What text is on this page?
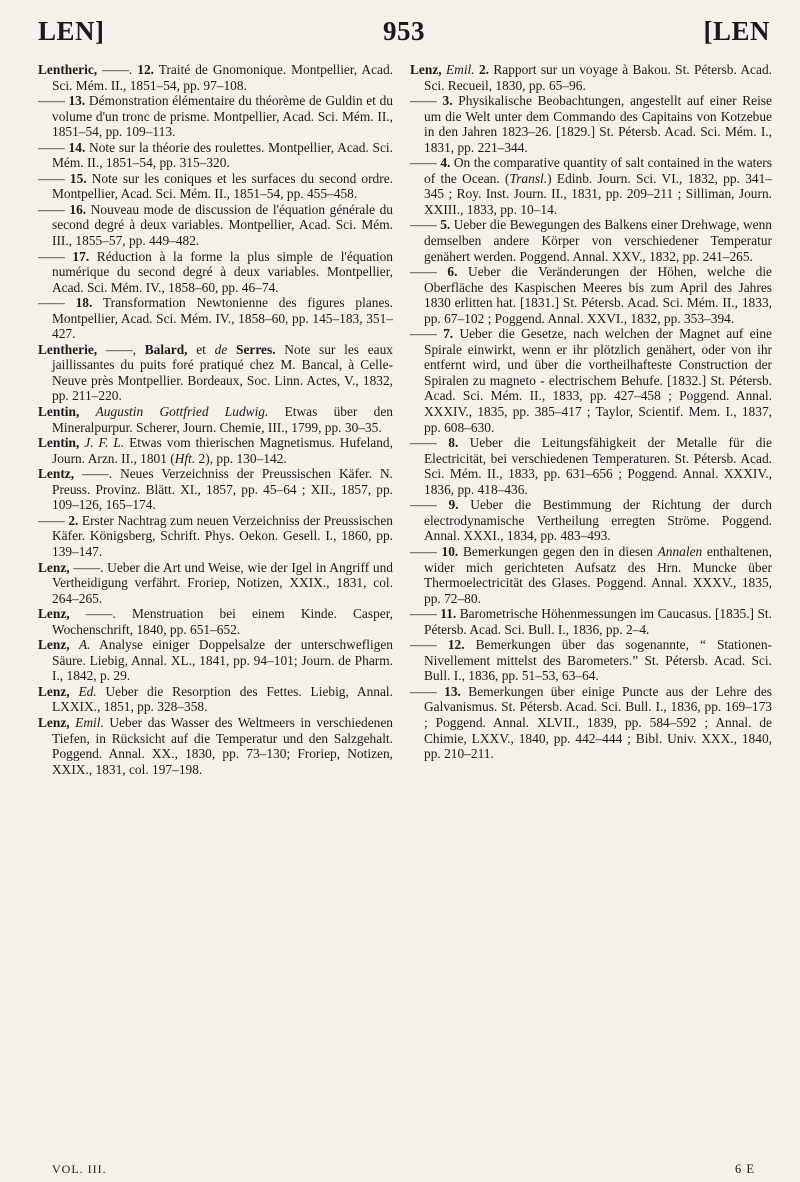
LEN]	953	[LEN

Lentheric, ——. 12. Traité de Gnomonique. Montpellier, Acad. Sci. Mém. II., 1851–54, pp. 97–108.

—— 13. Démonstration élémentaire du théorème de Guldin et du volume d'un tronc de prisme. Montpellier, Acad. Sci. Mém. II., 1851–54, pp. 109–113.

—— 14. Note sur la théorie des roulettes. Montpellier, Acad. Sci. Mém. II., 1851–54, pp. 315–320.

—— 15. Note sur les coniques et les surfaces du second ordre. Montpellier, Acad. Sci. Mém. II., 1851–54, pp. 455–458.

—— 16. Nouveau mode de discussion de l'équation générale du second degré à deux variables. Montpellier, Acad. Sci. Mém. III., 1855–57, pp. 449–482.

—— 17. Réduction à la forme la plus simple de l'équation numérique du second degré à deux variables. Montpellier, Acad. Sci. Mém. IV., 1858–60, pp. 46–74.

—— 18. Transformation Newtonienne des figures planes. Montpellier, Acad. Sci. Mém. IV., 1858–60, pp. 145–183, 351–427.

Lentherie, ——, Balard, et de Serres. Note sur les eaux jaillissantes du puits foré pratiqué chez M. Bancal, à Celle-Neuve près Montpellier. Bordeaux, Soc. Linn. Actes, V., 1832, pp. 211–220.

Lentin, Augustin Gottfried Ludwig. Etwas über den Mineralpurpur. Scherer, Journ. Chemie, III., 1799, pp. 30–35.

Lentin, J. F. L. Etwas vom thierischen Magnetismus. Hufeland, Journ. Arzn. II., 1801 (Hft. 2), pp. 130–142.

Lentz, ——. Neues Verzeichniss der Preussischen Käfer. N. Preuss. Provinz. Blätt. XI., 1857, pp. 45–64 ; XII., 1857, pp. 109–126, 165–174.

—— 2. Erster Nachtrag zum neuen Verzeichniss der Preussischen Käfer. Königsberg, Schrift. Phys. Oekon. Gesell. I., 1860, pp. 139–147.

Lenz, ——. Ueber die Art und Weise, wie der Igel in Angriff und Vertheidigung verfährt. Froriep, Notizen, XXIX., 1831, col. 264–265.

Lenz, ——. Menstruation bei einem Kinde. Casper, Wochenschrift, 1840, pp. 651–652.

Lenz, A. Analyse einiger Doppelsalze der unterschwefligen Säure. Liebig, Annal. XL., 1841, pp. 94–101; Journ. de Pharm. I., 1842, p. 29.

Lenz, Ed. Ueber die Resorption des Fettes. Liebig, Annal. LXXIX., 1851, pp. 328–358.

Lenz, Emil. Ueber das Wasser des Weltmeers in verschiedenen Tiefen, in Rücksicht auf die Temperatur und den Salzgehalt. Poggend. Annal. XX., 1830, pp. 73–130; Froriep, Notizen, XXIX., 1831, col. 197–198.

Lenz, Emil. 2. Rapport sur un voyage à Bakou. St. Pétersb. Acad. Sci. Recueil, 1830, pp. 65–96.

—— 3. Physikalische Beobachtungen, angestellt auf einer Reise um die Welt unter dem Commando des Capitains von Kotzebue in den Jahren 1823–26. [1829.] St. Pétersb. Acad. Sci. Mém. I., 1831, pp. 221–344.

—— 4. On the comparative quantity of salt contained in the waters of the Ocean. (Transl.) Edinb. Journ. Sci. VI., 1832, pp. 341–345 ; Roy. Inst. Journ. II., 1831, pp. 209–211 ; Silliman, Journ. XXIII., 1833, pp. 10–14.

—— 5. Ueber die Bewegungen des Balkens einer Drehwage, wenn demselben andere Körper von verschiedener Temperatur genähert werden. Poggend. Annal. XXV., 1832, pp. 241–265.

—— 6. Ueber die Veränderungen der Höhen, welche die Oberfläche des Kaspischen Meeres bis zum April des Jahres 1830 erlitten hat. [1831.] St. Pétersb. Acad. Sci. Mém. II., 1833, pp. 67–102 ; Poggend. Annal. XXVI., 1832, pp. 353–394.

—— 7. Ueber die Gesetze, nach welchen der Magnet auf eine Spirale einwirkt, wenn er ihr plötzlich genähert, oder von ihr entfernt wird, und über die vortheilhafteste Construction der Spiralen zu magneto - electrischem Behufe. [1832.] St. Pétersb. Acad. Sci. Mém. II., 1833, pp. 427–458 ; Poggend. Annal. XXXIV., 1835, pp. 385–417 ; Taylor, Scientif. Mem. I., 1837, pp. 608–630.

—— 8. Ueber die Leitungsfähigkeit der Metalle für die Electricität, bei verschiedenen Temperaturen. St. Pétersb. Acad. Sci. Mém. II., 1833, pp. 631–656 ; Poggend. Annal. XXXIV., 1836, pp. 418–436.

—— 9. Ueber die Bestimmung der Richtung der durch electrodynamische Vertheilung erregten Ströme. Poggend. Annal. XXXI., 1834, pp. 483–493.

—— 10. Bemerkungen gegen den in diesen Annalen enthaltenen, wider mich gerichteten Aufsatz des Hrn. Muncke über Thermoelectricität des Glases. Poggend. Annal. XXXV., 1835, pp. 72–80.

—— 11. Barometrische Höhenmessungen im Caucasus. [1835.] St. Pétersb. Acad. Sci. Bull. I., 1836, pp. 2–4.

—— 12. Bemerkungen über das sogenannte, “ Stationen-Nivellement mittelst des Barometers.” St. Pétersb. Acad. Sci. Bull. I., 1836, pp. 51–53, 63–64.

—— 13. Bemerkungen über einige Puncte aus der Lehre des Galvanismus. St. Pétersb. Acad. Sci. Bull. I., 1836, pp. 169–173 ; Poggend. Annal. XLVII., 1839, pp. 584–592 ; Annal. de Chimie, LXXV., 1840, pp. 442–444 ; Bibl. Univ. XXX., 1840, pp. 210–211.

VOL. III.	6 E
